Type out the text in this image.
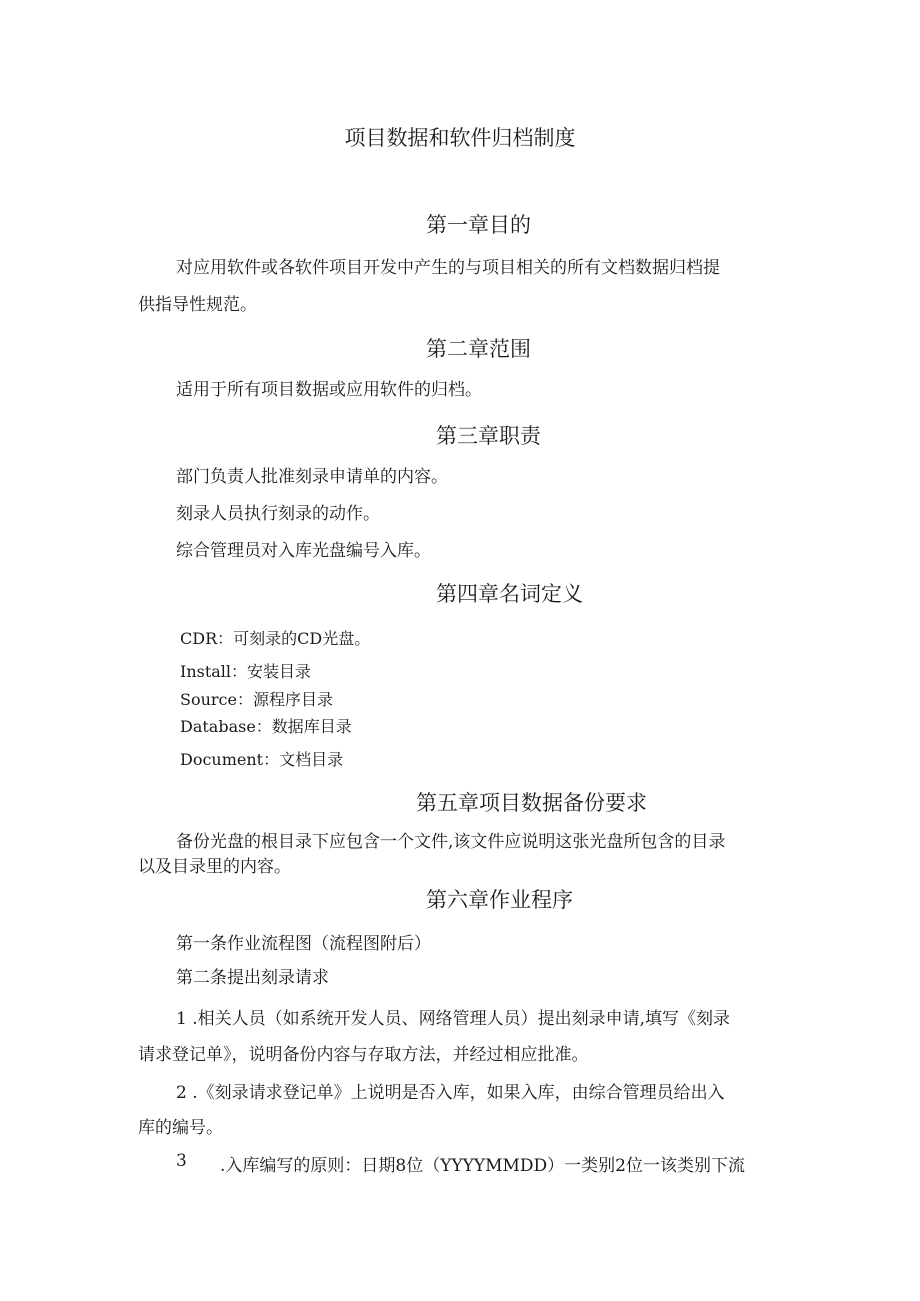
项目数据和软件归档制度
第一章目的
对应用软件或各软件项目开发中产生的与项目相关的所有文档数据归档提
供指导性规范。
第二章范围
适用于所有项目数据或应用软件的归档。
第三章职责
部门负责人批准刻录申请单的内容。
刻录人员执行刻录的动作。
综合管理员对入库光盘编号入库。
第四章名词定义
CDR：可刻录的CD光盘。
Install：安装目录
Source：源程序目录
Database：数据库目录
Document：文档目录
第五章项目数据备份要求
备份光盘的根目录下应包含一个文件,该文件应说明这张光盘所包含的目录
以及目录里的内容。
第六章作业程序
第一条作业流程图（流程图附后）
第二条提出刻录请求
1 .相关人员（如系统开发人员、网络管理人员）提出刻录申请,填写《刻录
请求登记单》，说明备份内容与存取方法，并经过相应批准。
2 .《刻录请求登记单》上说明是否入库，如果入库，由综合管理员给出入
库的编号。
3 .入库编写的原则：日期8位（YYYYMMDD）一类别2位一该类别下流
